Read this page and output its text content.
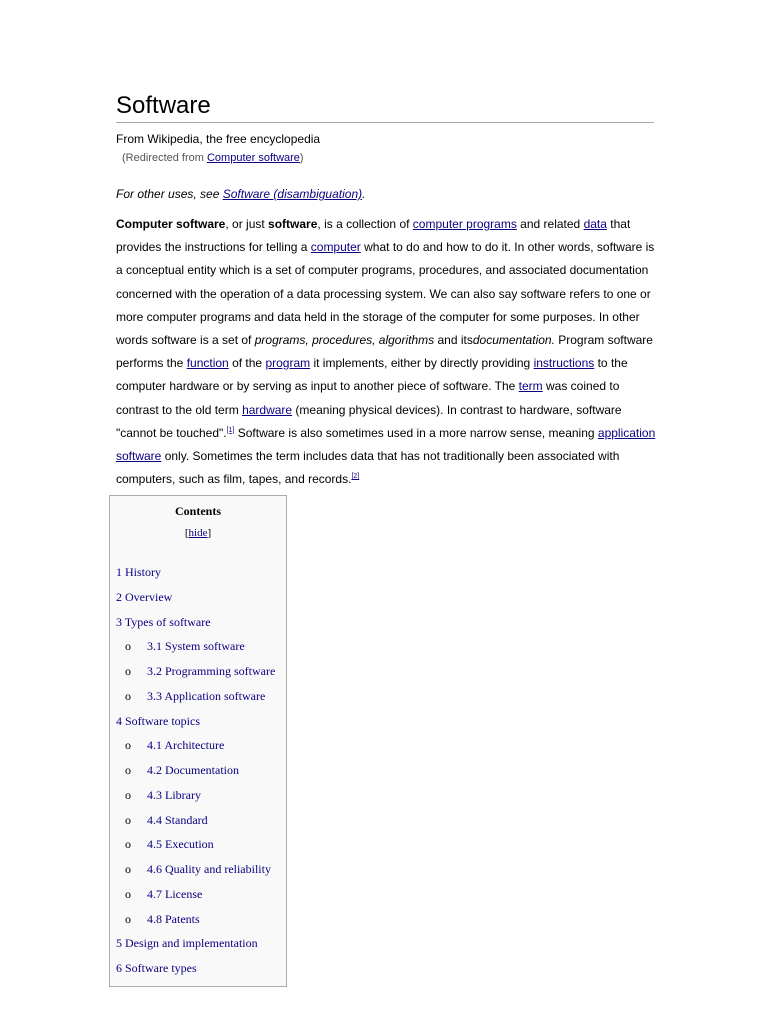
Software
From Wikipedia, the free encyclopedia
(Redirected from Computer software)
For other uses, see Software (disambiguation).

Computer software, or just software, is a collection of computer programs and related data that provides the instructions for telling a computer what to do and how to do it. In other words, software is a conceptual entity which is a set of computer programs, procedures, and associated documentation concerned with the operation of a data processing system. We can also say software refers to one or more computer programs and data held in the storage of the computer for some purposes. In other words software is a set of programs, procedures, algorithms and itsdocumentation. Program software performs the function of the program it implements, either by directly providing instructions to the computer hardware or by serving as input to another piece of software. The term was coined to contrast to the old term hardware (meaning physical devices). In contrast to hardware, software "cannot be touched".[1] Software is also sometimes used in a more narrow sense, meaning application software only. Sometimes the term includes data that has not traditionally been associated with computers, such as film, tapes, and records.[2]

Contents
[hide]
1 History
2 Overview
3 Types of software
o 3.1 System software
o 3.2 Programming software
o 3.3 Application software
4 Software topics
o 4.1 Architecture
o 4.2 Documentation
o 4.3 Library
o 4.4 Standard
o 4.5 Execution
o 4.6 Quality and reliability
o 4.7 License
o 4.8 Patents
5 Design and implementation
6 Software types
